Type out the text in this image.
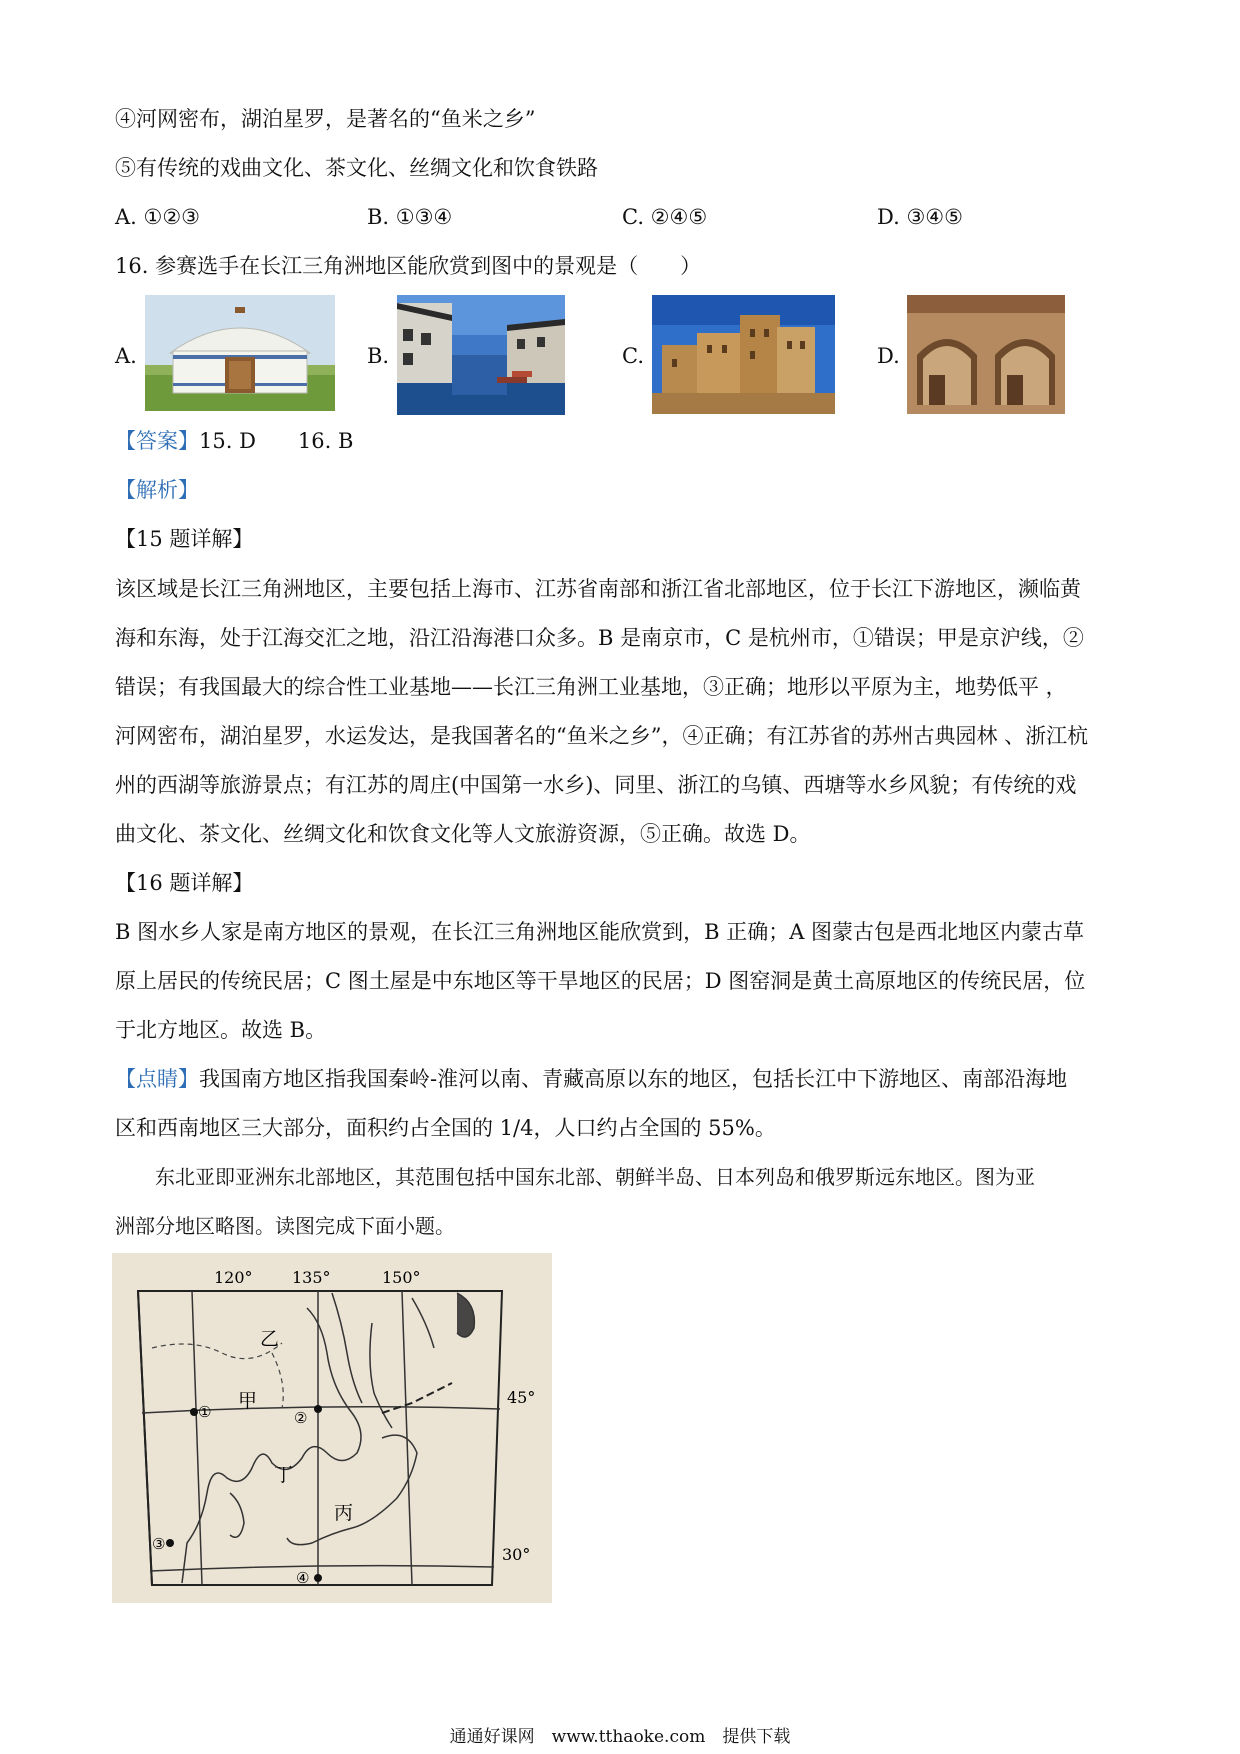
④河网密布，湖泊星罗，是著名的“鱼米之乡”
⑤有传统的戏曲文化、茶文化、丝绸文化和饮食铁路
A. ①②③	B. ①③④	C. ②④⑤	D. ③④⑤
16. 参赛选手在长江三角洲地区能欣赏到图中的景观是（　　）
A.	B.	C.	D.
【答案】15. D　　16. B
【解析】
【15 题详解】
该区域是长江三角洲地区，主要包括上海市、江苏省南部和浙江省北部地区，位于长江下游地区，濒临黄
海和东海，处于江海交汇之地，沿江沿海港口众多。B 是南京市，C 是杭州市，①错误；甲是京沪线，②
错误；有我国最大的综合性工业基地——长江三角洲工业基地，③正确；地形以平原为主，地势低平 ，
河网密布，湖泊星罗，水运发达，是我国著名的“鱼米之乡”，④正确；有江苏省的苏州古典园林 、浙江杭
州的西湖等旅游景点；有江苏的周庄(中国第一水乡)、同里、浙江的乌镇、西塘等水乡风貌；有传统的戏
曲文化、茶文化、丝绸文化和饮食文化等人文旅游资源，⑤正确。故选 D。
【16 题详解】
B 图水乡人家是南方地区的景观，在长江三角洲地区能欣赏到，B 正确；A 图蒙古包是西北地区内蒙古草
原上居民的传统民居；C 图土屋是中东地区等干旱地区的民居；D 图窑洞是黄土高原地区的传统民居，位
于北方地区。故选 B。
【点睛】我国南方地区指我国秦岭-淮河以南、青藏高原以东的地区，包括长江中下游地区、南部沿海地
区和西南地区三大部分，面积约占全国的 1/4，人口约占全国的 55%。
　　东北亚即亚洲东北部地区，其范围包括中国东北部、朝鲜半岛、日本列岛和俄罗斯远东地区。图为亚
洲部分地区略图。读图完成下面小题。
120° 135°	150°
45°
30°
乙
甲
丁
丙
①	②
③
④
通通好课网　www.tthaoke.com　提供下载
